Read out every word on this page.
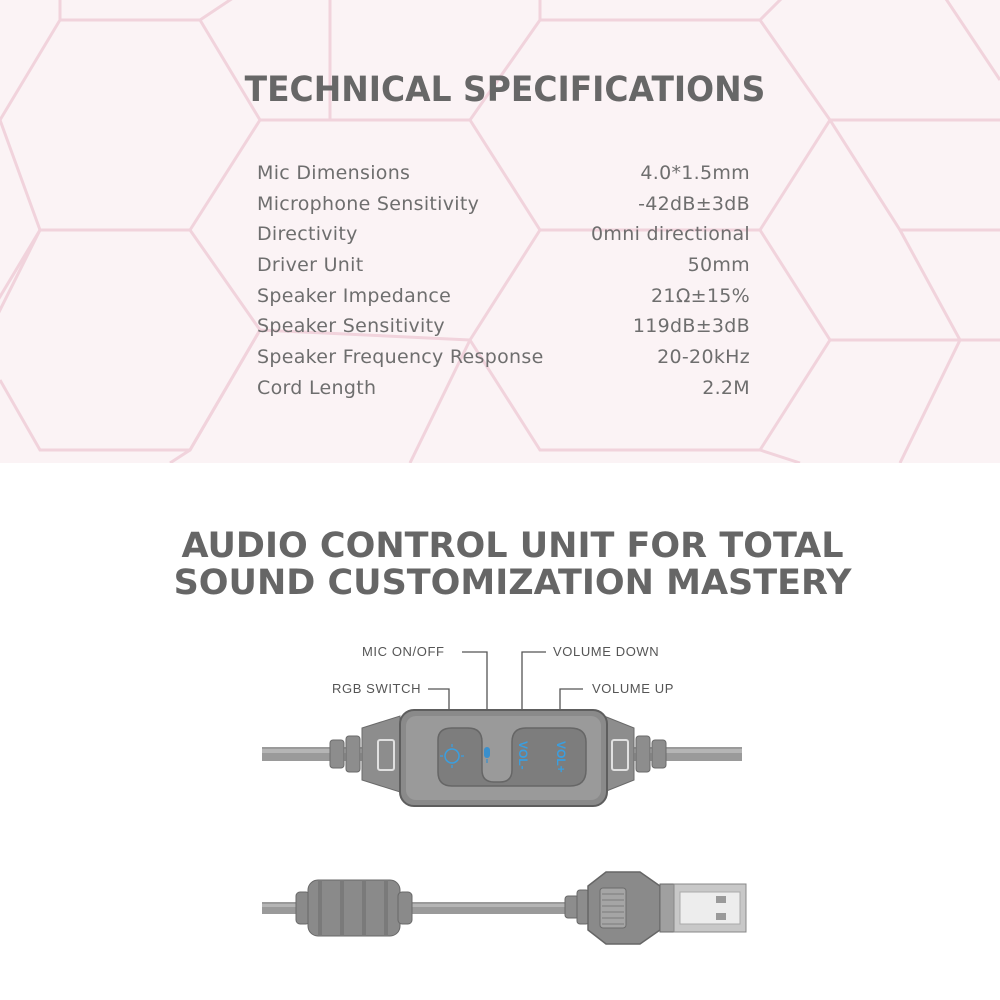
TECHNICAL SPECIFICATIONS
Mic Dimensions	4.0*1.5mm
Microphone Sensitivity	-42dB±3dB
Directivity	0mni directional
Driver Unit	50mm
Speaker Impedance	21Ω±15%
Speaker Sensitivity	119dB±3dB
Speaker Frequency Response	20-20kHz
Cord Length	2.2M
AUDIO CONTROL UNIT FOR TOTAL
SOUND CUSTOMIZATION MASTERY
MIC ON/OFF
RGB SWITCH
VOLUME DOWN
VOLUME UP
VOL- VOL+
